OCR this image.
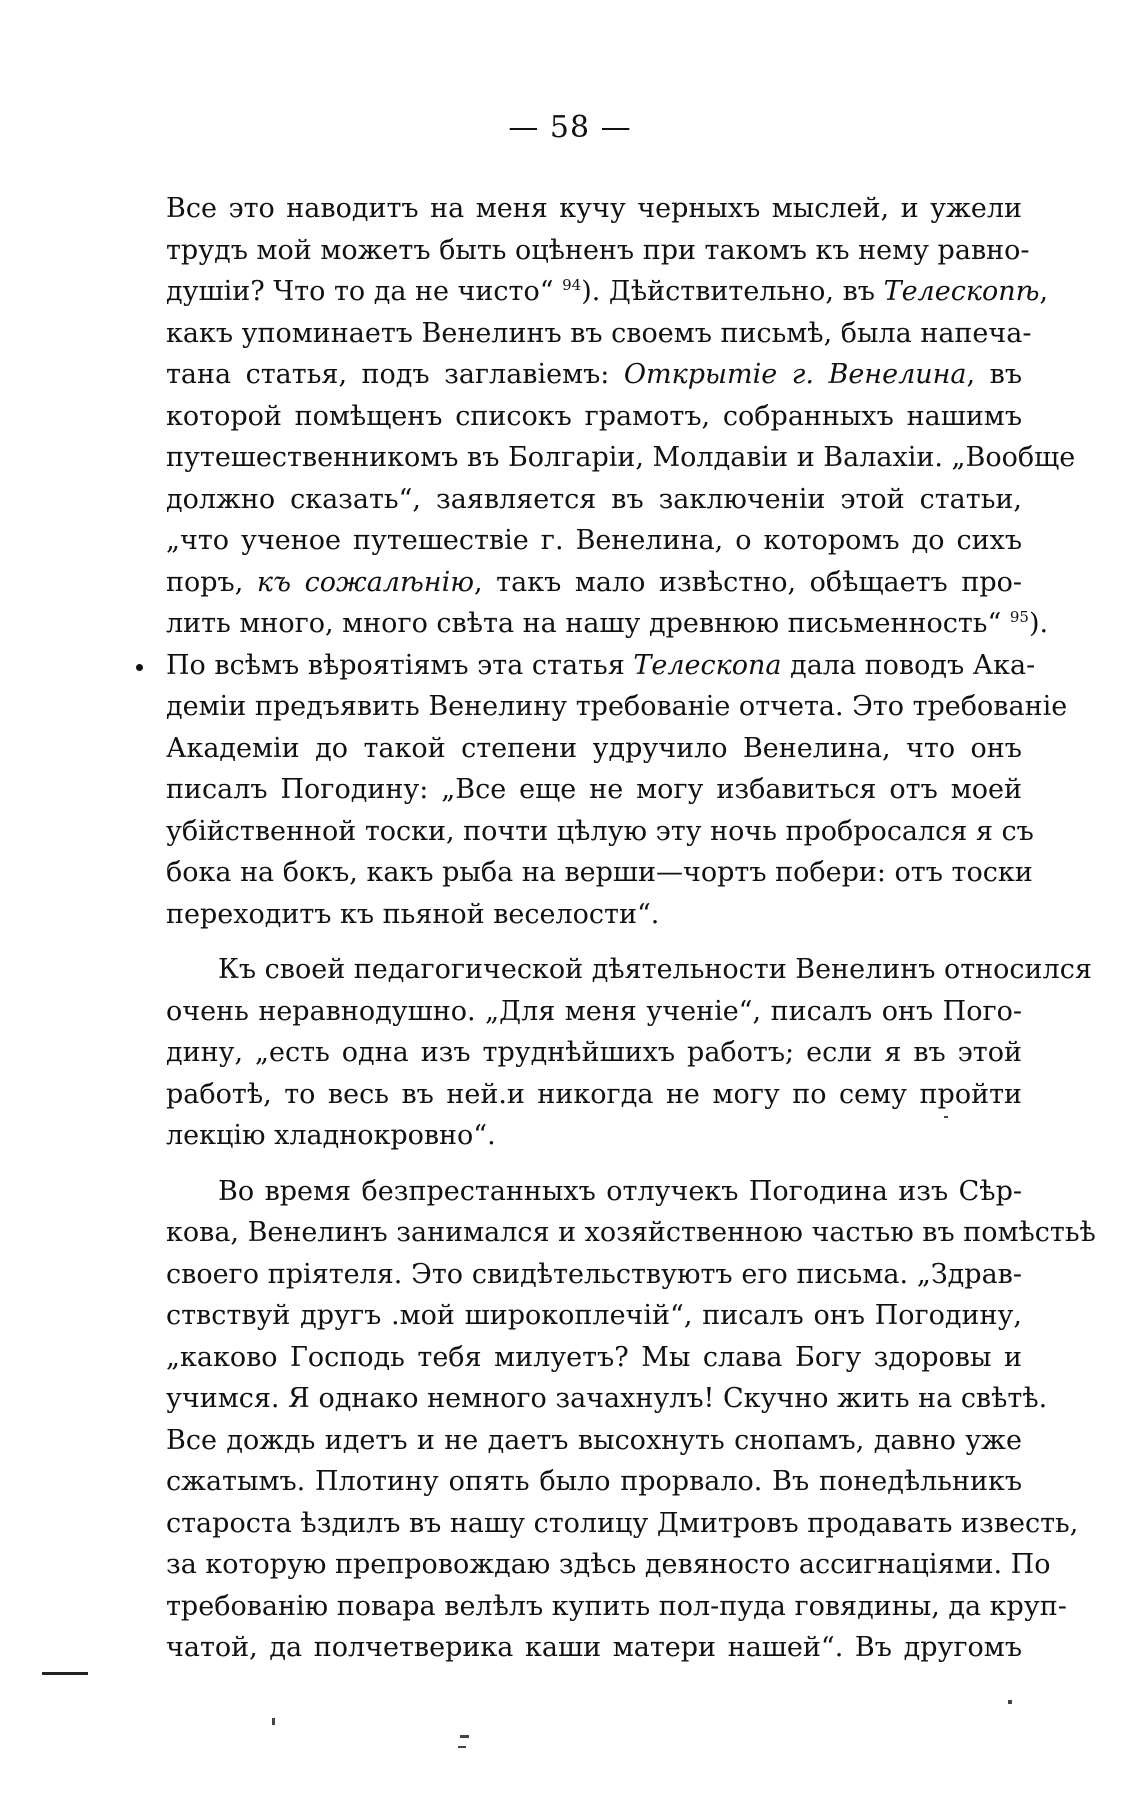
— 58 —
Все это наводитъ на меня кучу черныхъ мыслей, и ужели
трудъ мой можетъ быть оцѣненъ при такомъ къ нему равно-
душіи? Что то да не чисто“ $^{94}$). Дѣйствительно, въ Телескопѣ,
какъ упоминаетъ Венелинъ въ своемъ письмѣ, была напеча-
тана статья, подъ заглавіемъ: Открытіе г. Венелина, въ
которой помѣщенъ списокъ грамотъ, собранныхъ нашимъ
путешественникомъ въ Болгаріи, Молдавіи и Валахіи. „Вообще
должно сказать“, заявляется въ заключеніи этой статьи,
„что ученое путешествіе г. Венелина, о которомъ до сихъ
поръ, къ сожалѣнію, такъ мало извѣстно, обѣщаетъ про-
лить много, много свѣта на нашу древнюю письменность“ $^{95}$).
По всѣмъ вѣроятіямъ эта статья Телескопа дала поводъ Ака-
деміи предъявить Венелину требованіе отчета. Это требованіе
Академіи до такой степени удручило Венелина, что онъ
писалъ Погодину: „Все еще не могу избавиться отъ моей
убійственной тоски, почти цѣлую эту ночь проброcался я съ
бока на бокъ, какъ рыба на верши—чортъ побери: отъ тоски
переходитъ къ пьяной веселости“.
Къ своей педагогической дѣятельности Венелинъ относился
очень неравнодушно. „Для меня ученіе“, писалъ онъ Пого-
дину, „есть одна изъ труднѣйшихъ работъ; если я въ этой
работѣ, то весь въ ней.и никогда не могу по сему пройти
лекцію хладнокровно“.
Во время безпрестанныхъ отлучекъ Погодина изъ Сѣр-
кова, Венелинъ занимался и хозяйственною частью въ помѣстьѣ
своего пріятеля. Это свидѣтельствуютъ его письма. „Здрав-
ствствуй другъ .мой широкоплечій“, писалъ онъ Погодину,
„каково Господь тебя милуетъ? Мы слава Богу здоровы и
учимся. Я однако немного зачахнулъ! Скучно жить на свѣтѣ.
Все дождь идетъ и не даетъ высохнуть снопамъ, давно уже
сжатымъ. Плотину опять было прорвало. Въ понедѣльникъ
староста ѣздилъ въ нашу столицу Дмитровъ продавать известь,
за которую препровождаю здѣсь девяносто ассигнаціями. По
требованію повара велѣлъ купить пол-пуда говядины, да круп-
чатой, да полчетверика каши матери нашей“. Въ другомъ
